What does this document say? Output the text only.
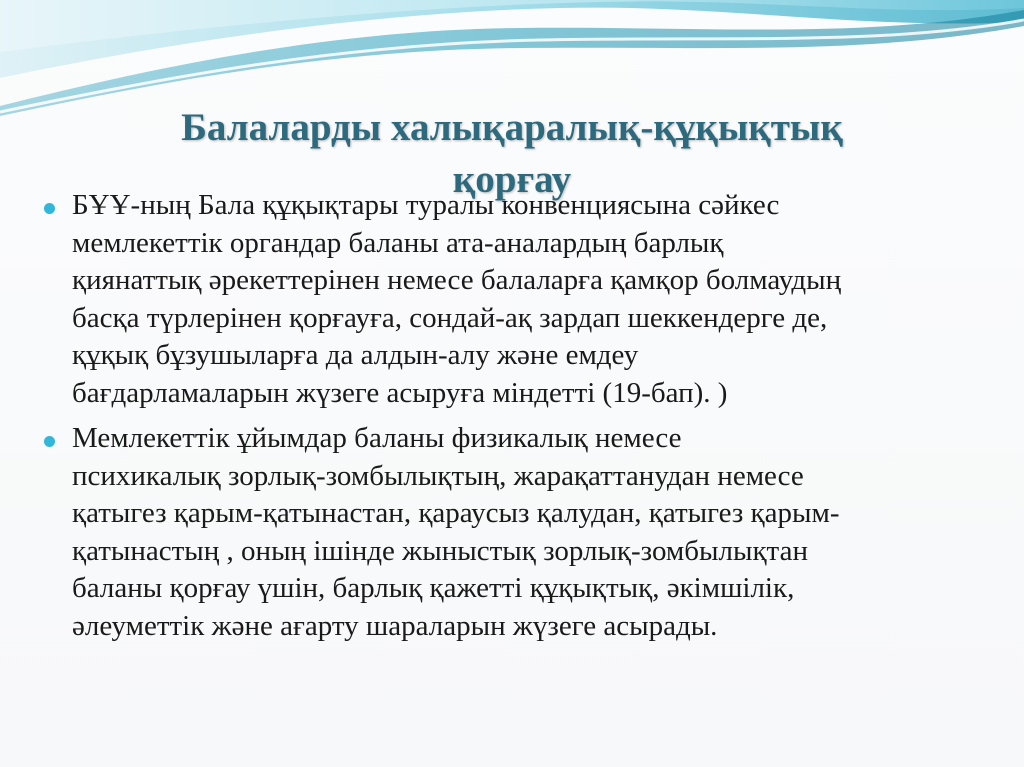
Балаларды халықаралық-құқықтық
қорғау
БҰҰ-ның Бала құқықтары туралы конвенциясына сәйкес
мемлекеттік органдар баланы ата-аналардың барлық
қиянаттық әрекеттерінен немесе балаларға қамқор болмаудың
басқа түрлерінен қорғауға, сондай-ақ зардап шеккендерге де,
құқық бұзушыларға да алдын-алу және емдеу
бағдарламаларын жүзеге асыруға міндетті (19-бап). )
Мемлекеттік ұйымдар баланы физикалық немесе
психикалық зорлық-зомбылықтың, жарақаттанудан немесе
қатыгез қарым-қатынастан, қараусыз қалудан, қатыгез қарым-
қатынастың , оның ішінде жыныстық зорлық-зомбылықтан
баланы қорғау үшін, барлық қажетті құқықтық, әкімшілік,
әлеуметтік және ағарту шараларын жүзеге асырады.
